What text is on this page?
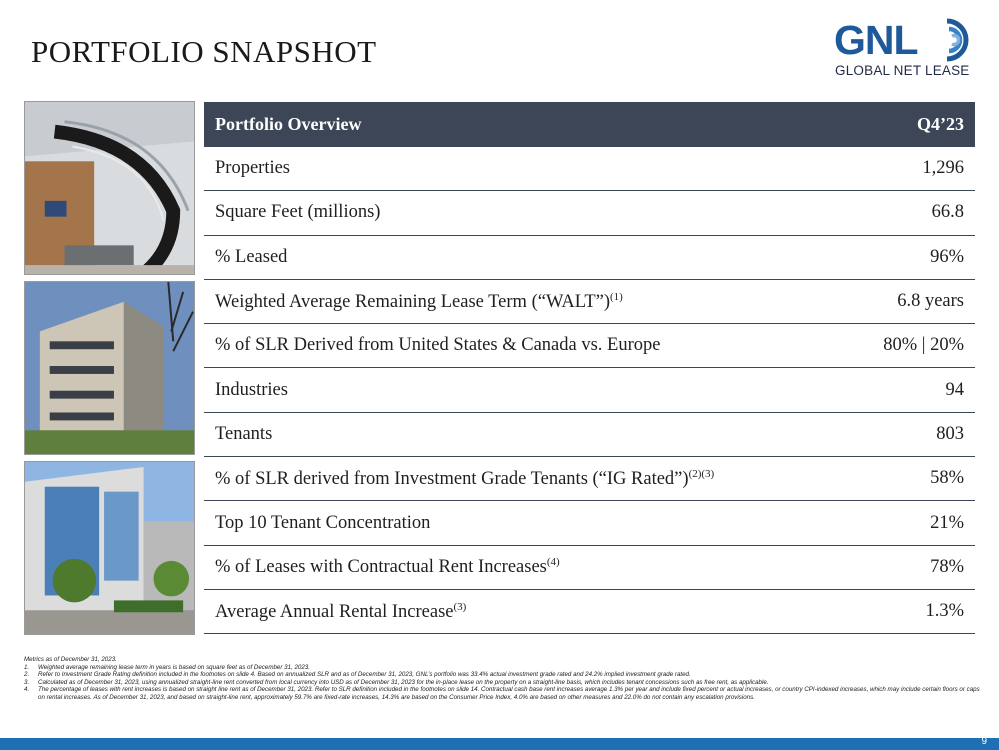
PORTFOLIO SNAPSHOT	GNL
GLOBAL NET LEASE
Portfolio Overview	Q4’23
Properties	1,296
Square Feet (millions)	66.8
% Leased	96%
Weighted Average Remaining Lease Term (“WALT”)$^{(1)}$	6.8 years
% of SLR Derived from United States & Canada vs. Europe	80% | 20%
Industries	94
Tenants	803
% of SLR derived from Investment Grade Tenants (“IG Rated”)$^{(2)(3)}$	58%
Top 10 Tenant Concentration	21%
% of Leases with Contractual Rent Increases$^{(4)}$	78%
Average Annual Rental Increase$^{(3)}$	1.3%
Metrics as of December 31, 2023.
1.	Weighted average remaining lease term in years is based on square feet as of December 31, 2023.
2.	Refer to Investment Grade Rating definition included in the footnotes on slide 4. Based on annualized SLR and as of December 31, 2023, GNL’s portfolio was 33.4% actual investment grade rated and 24.2% implied investment grade rated.
3.	Calculated as of December 31, 2023, using annualized straight-line rent converted from local currency into USD as of December 31, 2023 for the in-place lease on the property on a straight-line basis, which includes tenant concessions such as free rent, as applicable.
4.	The percentage of leases with rent increases is based on straight line rent as of December 31, 2023. Refer to SLR definition included in the footnotes on slide 14. Contractual cash base rent increases average 1.3% per year and include fixed percent or actual increases, or country CPI-indexed increases, which may include certain floors or caps on rental increases. As of December 31, 2023, and based on straight-line rent, approximately 59.7% are fixed-rate increases, 14.3% are based on the Consumer Price Index, 4.0% are based on other measures and 22.0% do not contain any escalation provisions.
9
